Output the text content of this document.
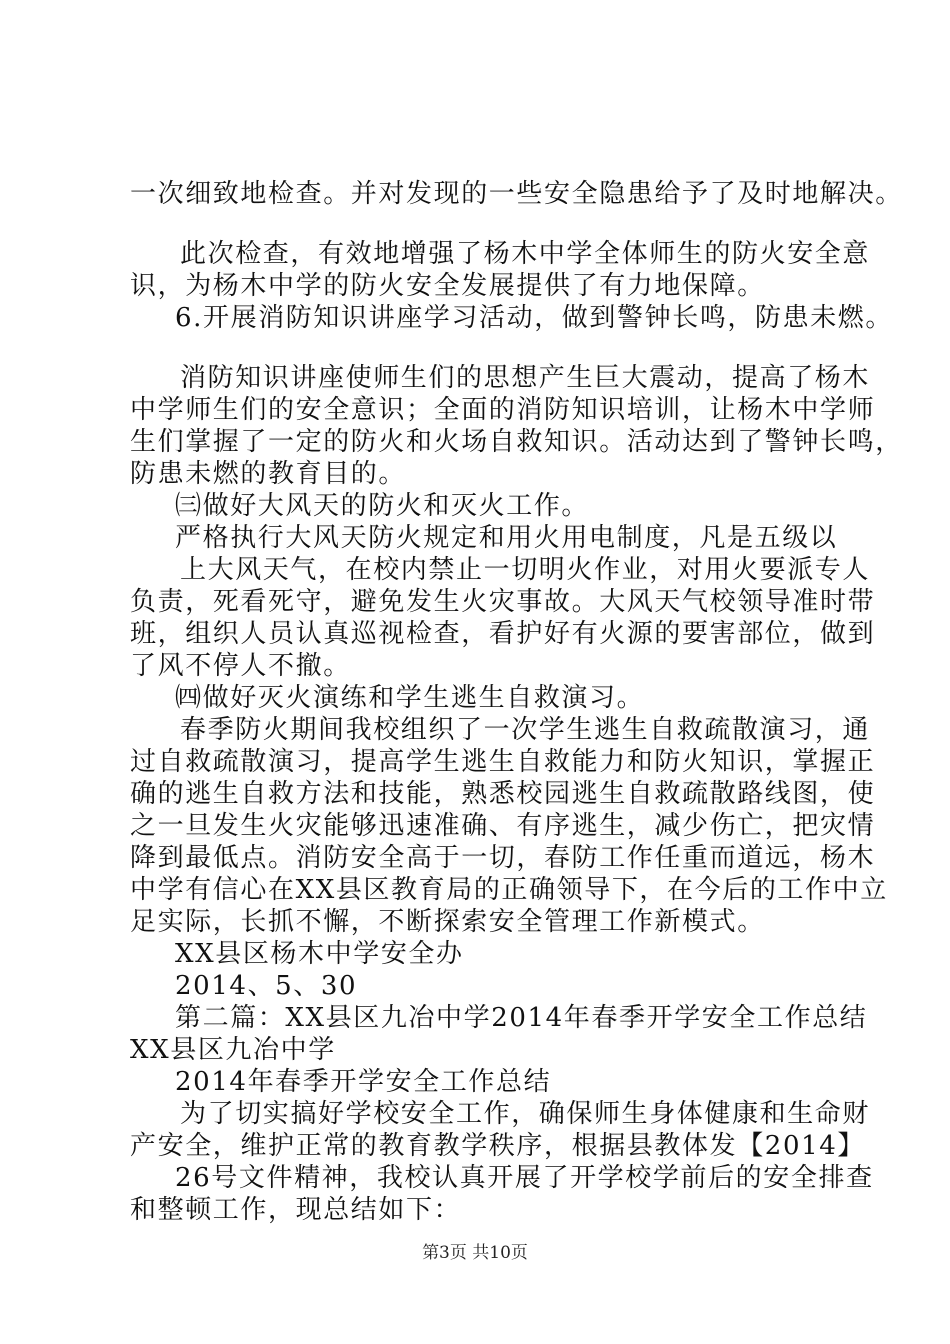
一次细致地检查。并对发现的一些安全隐患给予了及时地解决。
此次检查，有效地增强了杨木中学全体师生的防火安全意
识，为杨木中学的防火安全发展提供了有力地保障。
6.开展消防知识讲座学习活动，做到警钟长鸣，防患未燃。
消防知识讲座使师生们的思想产生巨大震动，提高了杨木
中学师生们的安全意识；全面的消防知识培训，让杨木中学师
生们掌握了一定的防火和火场自救知识。活动达到了警钟长鸣，
防患未燃的教育目的。
㈢做好大风天的防火和灭火工作。
严格执行大风天防火规定和用火用电制度，凡是五级以
上大风天气，在校内禁止一切明火作业，对用火要派专人
负责，死看死守，避免发生火灾事故。大风天气校领导准时带
班，组织人员认真巡视检查，看护好有火源的要害部位，做到
了风不停人不撤。
㈣做好灭火演练和学生逃生自救演习。
春季防火期间我校组织了一次学生逃生自救疏散演习，通
过自救疏散演习，提高学生逃生自救能力和防火知识，掌握正
确的逃生自救方法和技能，熟悉校园逃生自救疏散路线图，使
之一旦发生火灾能够迅速准确、有序逃生，减少伤亡，把灾情
降到最低点。消防安全高于一切，春防工作任重而道远，杨木
中学有信心在XX县区教育局的正确领导下，在今后的工作中立
足实际，长抓不懈，不断探索安全管理工作新模式。
XX县区杨木中学安全办
2014、5、30
第二篇：XX县区九冶中学2014年春季开学安全工作总结
XX县区九冶中学
2014年春季开学安全工作总结
为了切实搞好学校安全工作，确保师生身体健康和生命财
产安全，维护正常的教育教学秩序，根据县教体发【2014】
26号文件精神，我校认真开展了开学校学前后的安全排查
和整顿工作，现总结如下：
第3页 共10页
